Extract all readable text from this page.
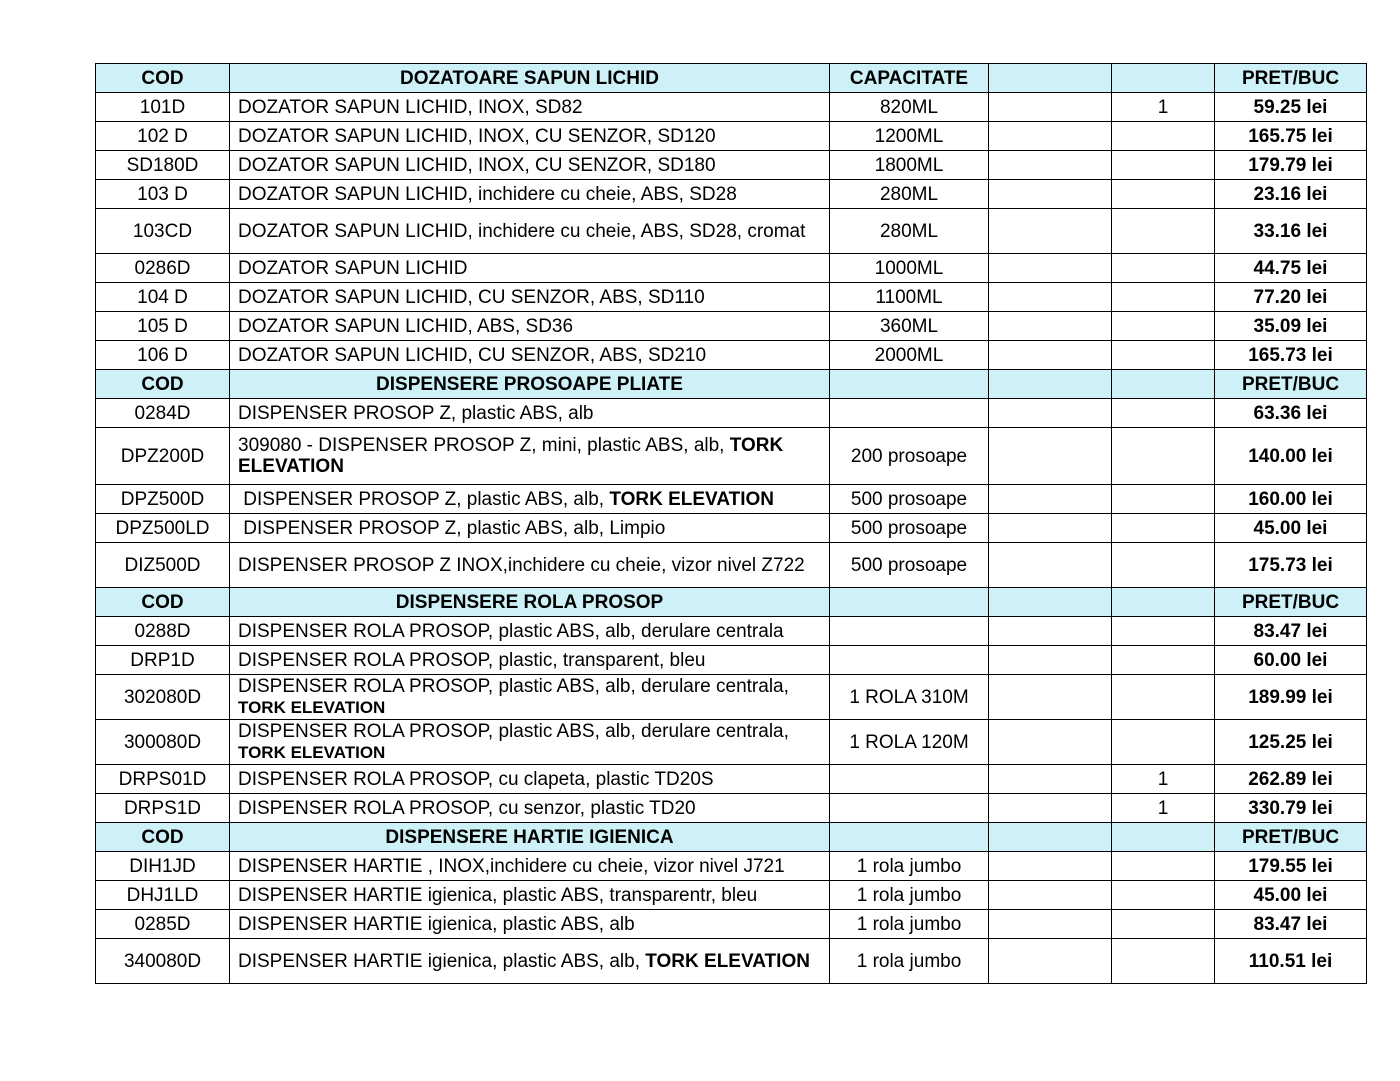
COD	DOZATOARE SAPUN LICHID	CAPACITATE			PRET/BUC
101D	DOZATOR SAPUN LICHID, INOX, SD82	820ML		1	59.25 lei
102 D	DOZATOR SAPUN LICHID, INOX, CU SENZOR, SD120	1200ML			165.75 lei
SD180D	DOZATOR SAPUN LICHID, INOX, CU SENZOR, SD180	1800ML			179.79 lei
103 D	DOZATOR SAPUN LICHID, inchidere cu cheie, ABS, SD28	280ML			23.16 lei
103CD	DOZATOR SAPUN LICHID, inchidere cu cheie, ABS, SD28, cromat	280ML			33.16 lei
0286D	DOZATOR SAPUN LICHID	1000ML			44.75 lei
104 D	DOZATOR SAPUN LICHID, CU SENZOR, ABS, SD110	1100ML			77.20 lei
105 D	DOZATOR SAPUN LICHID, ABS, SD36	360ML			35.09 lei
106 D	DOZATOR SAPUN LICHID, CU SENZOR, ABS, SD210	2000ML			165.73 lei
COD	DISPENSERE PROSOAPE PLIATE				PRET/BUC
0284D	DISPENSER PROSOP Z, plastic ABS, alb				63.36 lei
DPZ200D	309080 - DISPENSER PROSOP Z, mini, plastic ABS, alb, TORK ELEVATION	200 prosoape			140.00 lei
DPZ500D	DISPENSER PROSOP Z, plastic ABS, alb, TORK ELEVATION	500 prosoape			160.00 lei
DPZ500LD	DISPENSER PROSOP Z, plastic ABS, alb, Limpio	500 prosoape			45.00 lei
DIZ500D	DISPENSER PROSOP Z INOX,inchidere cu cheie, vizor nivel Z722	500 prosoape			175.73 lei
COD	DISPENSERE ROLA PROSOP				PRET/BUC
0288D	DISPENSER ROLA PROSOP, plastic ABS, alb, derulare centrala				83.47 lei
DRP1D	DISPENSER ROLA PROSOP, plastic, transparent, bleu				60.00 lei
302080D	DISPENSER ROLA PROSOP, plastic ABS, alb, derulare centrala,
TORK ELEVATION	1 ROLA 310M			189.99 lei
300080D	DISPENSER ROLA PROSOP, plastic ABS, alb, derulare centrala,
TORK ELEVATION	1 ROLA 120M			125.25 lei
DRPS01D	DISPENSER ROLA PROSOP, cu clapeta, plastic TD20S			1	262.89 lei
DRPS1D	DISPENSER ROLA PROSOP, cu senzor, plastic TD20			1	330.79 lei
COD	DISPENSERE HARTIE IGIENICA				PRET/BUC
DIH1JD	DISPENSER HARTIE , INOX,inchidere cu cheie, vizor nivel J721	1 rola jumbo			179.55 lei
DHJ1LD	DISPENSER HARTIE igienica, plastic ABS, transparentr, bleu	1 rola jumbo			45.00 lei
0285D	DISPENSER HARTIE igienica, plastic ABS, alb	1 rola jumbo			83.47 lei
340080D	DISPENSER HARTIE igienica, plastic ABS, alb, TORK ELEVATION	1 rola jumbo			110.51 lei
